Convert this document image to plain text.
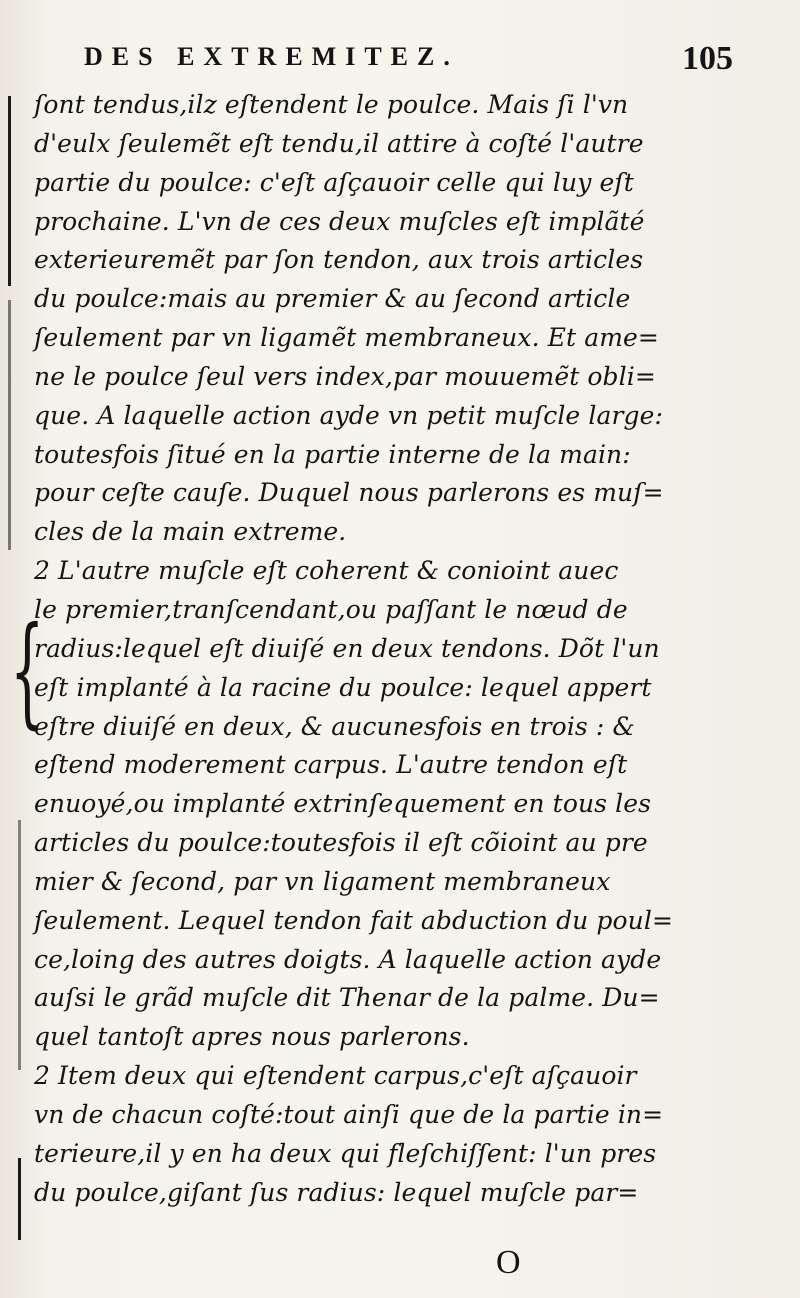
DES EXTREMITEZ.	105
{
ſont tendus,ilz eſtendent le poulce. Mais ſi l'vn
d'eulx ſeulemẽt eſt tendu,il attire à coſté l'autre
partie du poulce: c'eſt aſçauoir celle qui luy eſt
prochaine. L'vn de ces deux muſcles eſt implãté
exterieuremẽt par ſon tendon, aux trois articles
du poulce:mais au premier & au ſecond article
ſeulement par vn ligamẽt membraneux. Et ame=
ne le poulce ſeul vers index,par mouuemẽt obli=
que. A laquelle action ayde vn petit muſcle large:
toutesfois ſitué en la partie interne de la main:
pour ceſte cauſe. Duquel nous parlerons es muſ=
cles de la main extreme.
2 L'autre muſcle eſt coherent & conioint auec
le premier,tranſcendant,ou paſſant le nœud de
radius:lequel eſt diuiſé en deux tendons. Dõt l'un
eſt implanté à la racine du poulce: lequel appert
eſtre diuiſé en deux, & aucunesfois en trois : &
eſtend moderement carpus. L'autre tendon eſt
enuoyé,ou implanté extrinſequement en tous les
articles du poulce:toutesfois il eſt cõioint au pre
mier & ſecond, par vn ligament membraneux
ſeulement. Lequel tendon fait abduction du poul=
ce,loing des autres doigts. A laquelle action ayde
auſsi le grãd muſcle dit Thenar de la palme. Du=
quel tantoſt apres nous parlerons.
2 Item deux qui eſtendent carpus,c'eſt aſçauoir
vn de chacun coſté:tout ainſi que de la partie in=
terieure,il y en ha deux qui fleſchiſſent: l'un pres
du poulce,giſant ſus radius: lequel muſcle par=
O
